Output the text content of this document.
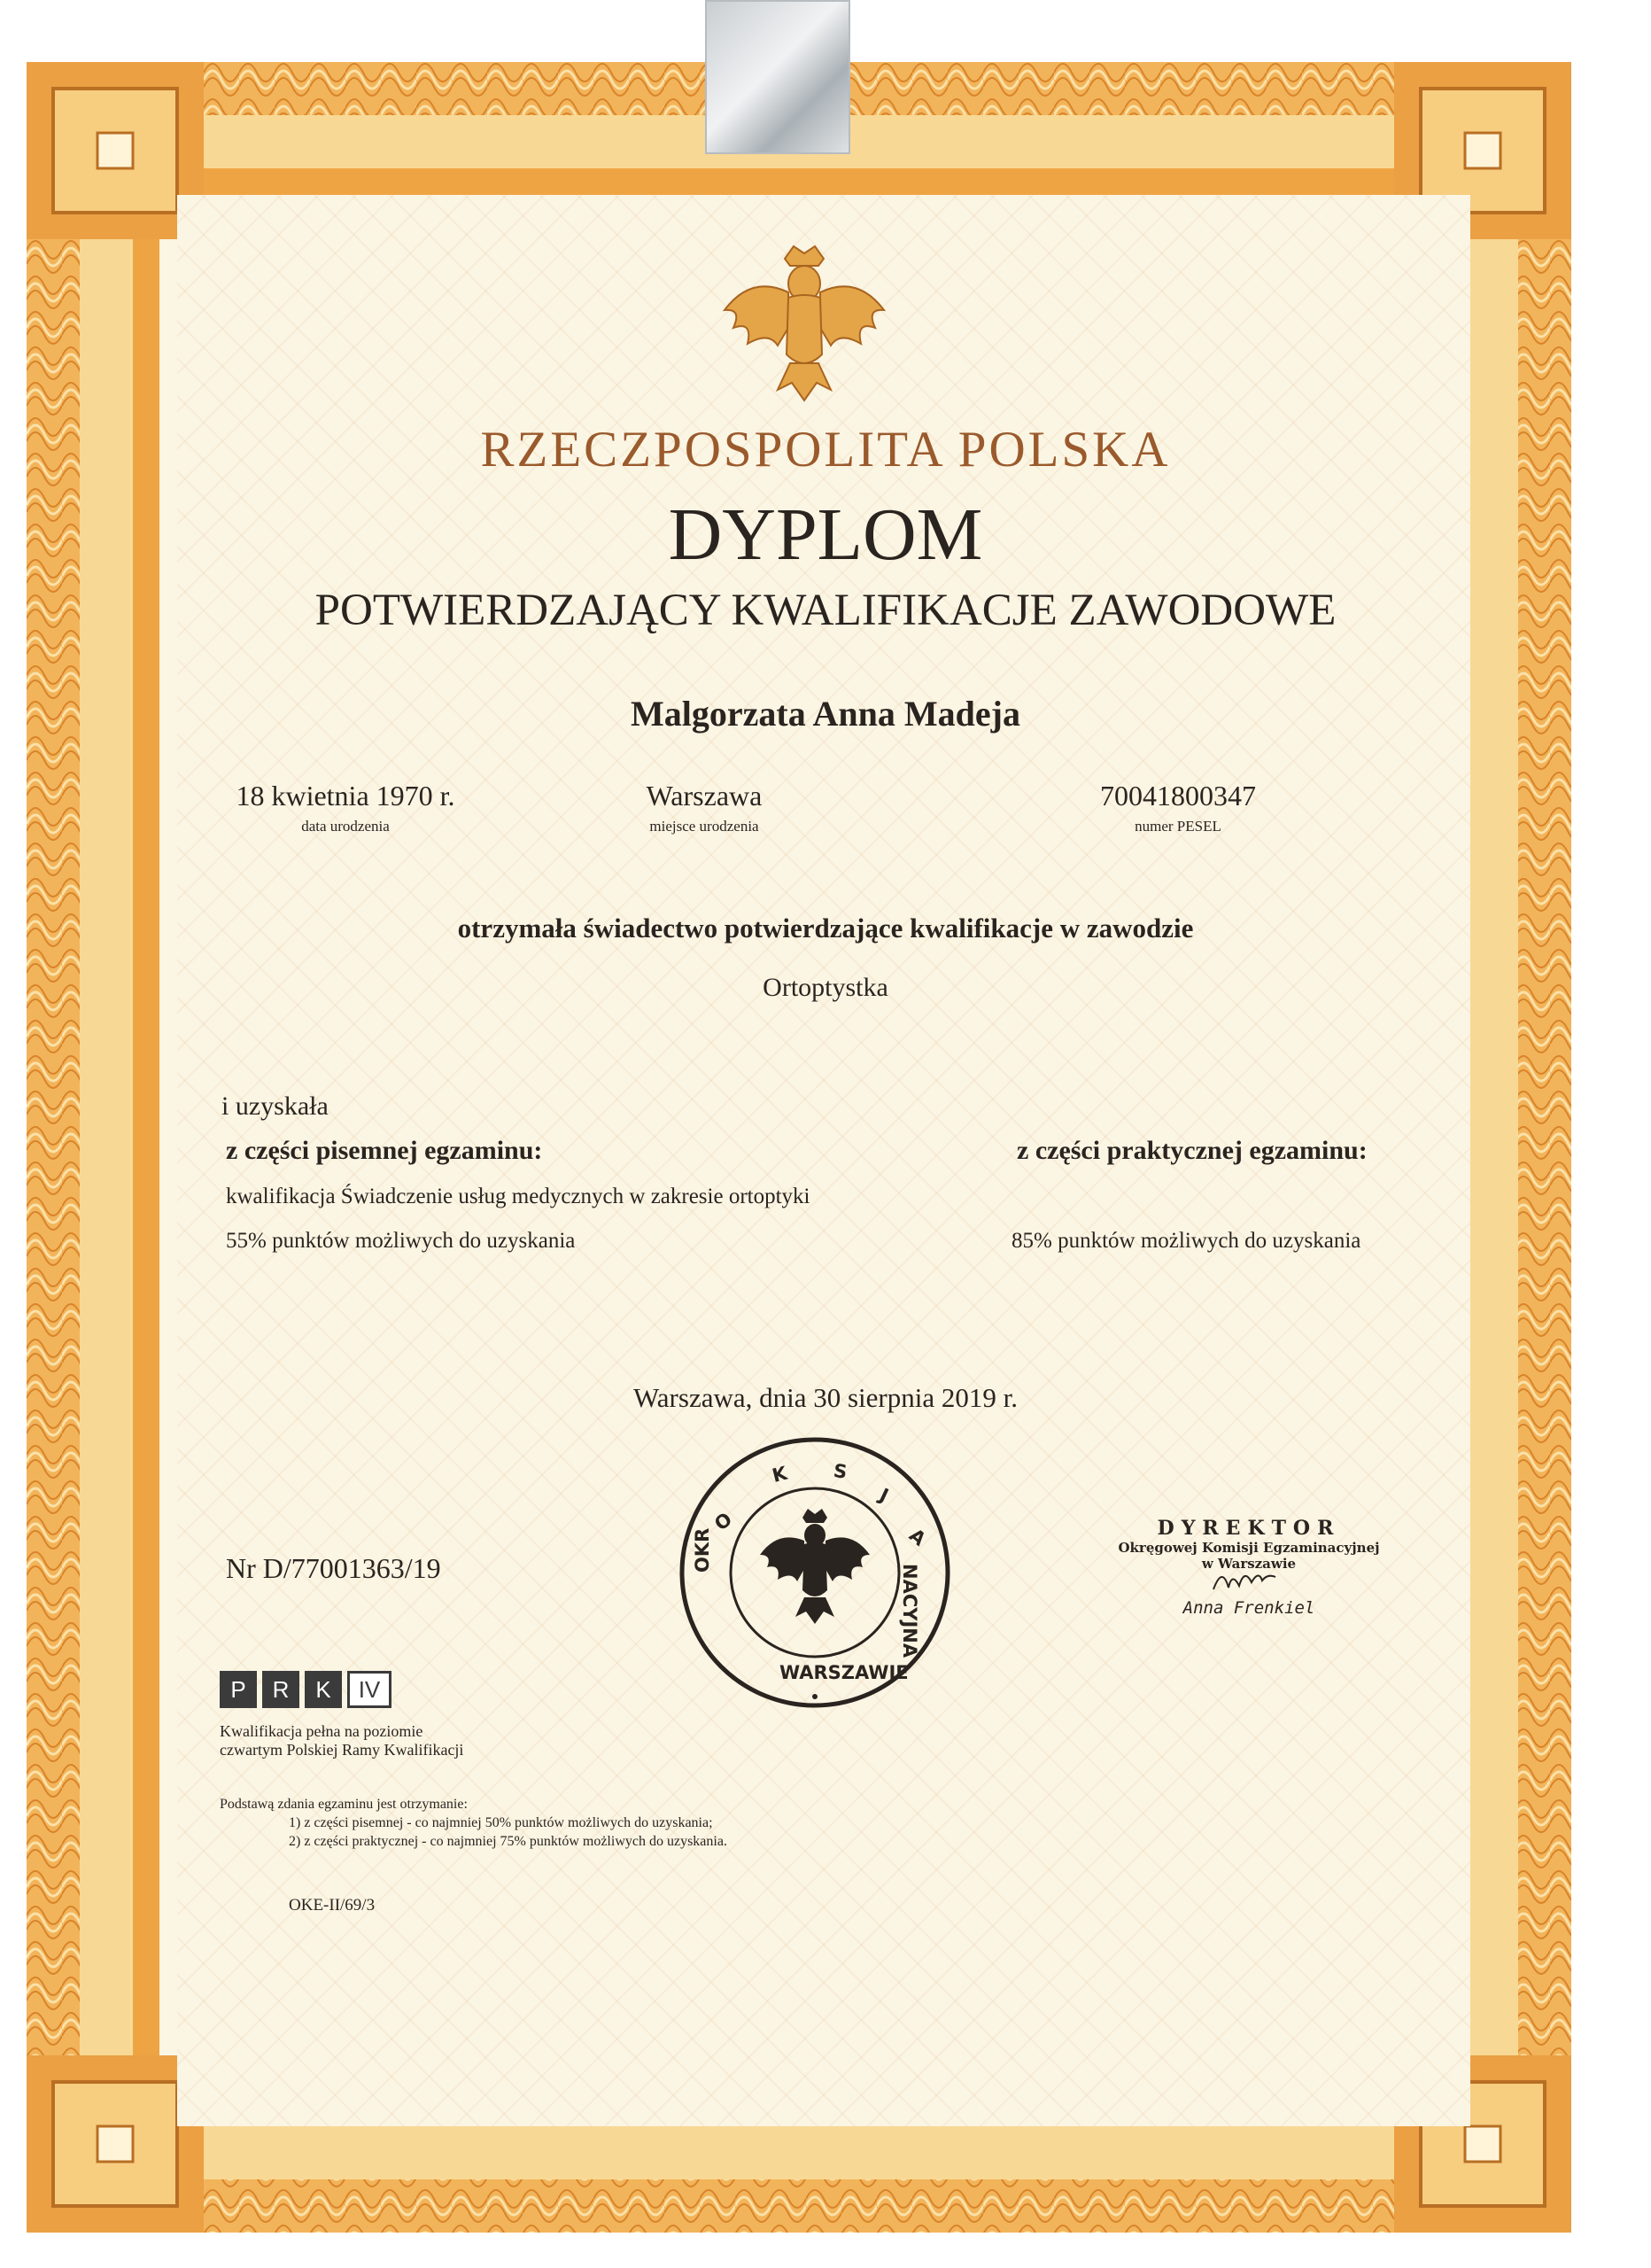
RZECZPOSPOLITA POLSKA
DYPLOM
POTWIERDZAJĄCY KWALIFIKACJE ZAWODOWE
Malgorzata Anna Madeja
18 kwietnia 1970 r.
data urodzenia
Warszawa
miejsce urodzenia
70041800347
numer PESEL
otrzymała świadectwo potwierdzające kwalifikacje w zawodzie
Ortoptystka
i uzyskała
z części pisemnej egzaminu:
kwalifikacja Świadczenie usług medycznych w zakresie ortoptyki
55% punktów możliwych do uzyskania
z części praktycznej egzaminu:
85% punktów możliwych do uzyskania
Warszawa, dnia 30 sierpnia 2019 r.
K
O
S
J
A
OKR
NACYJNA
WARSZAWIE
Nr D/77001363/19
DYREKTOR
Okręgowej Komisji Egzaminacyjnej
w Warszawie
Anna Frenkiel
P	R	K	IV
Kwalifikacja pełna na poziomie
czwartym Polskiej Ramy Kwalifikacji
Podstawą zdania egzaminu jest otrzymanie:
1) z części pisemnej - co najmniej 50% punktów możliwych do uzyskania;
2) z części praktycznej - co najmniej 75% punktów możliwych do uzyskania.
OKE-II/69/3
